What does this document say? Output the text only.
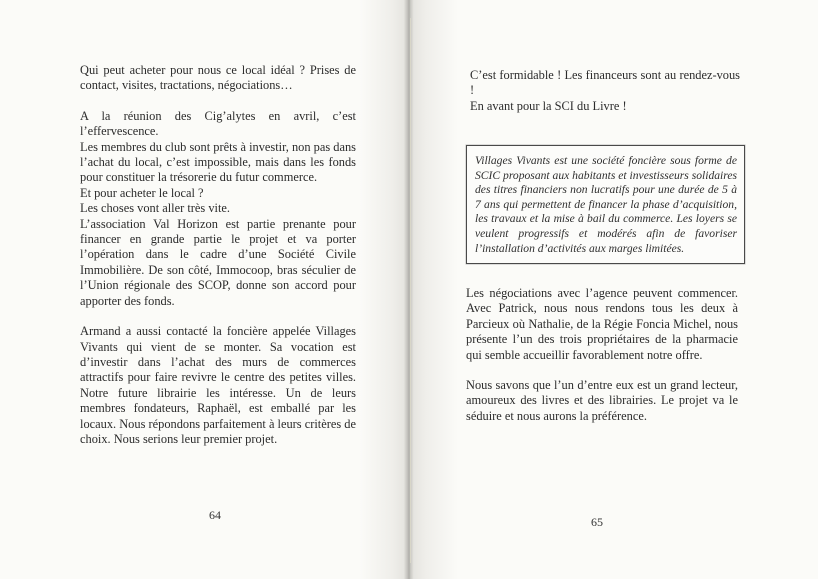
Qui peut acheter pour nous ce local idéal ? Prises de contact, visites, tractations, négociations…

A la réunion des Cig’alytes en avril, c’est l’effervescence.

Les membres du club sont prêts à investir, non pas dans l’achat du local, c’est impossible, mais dans les fonds pour constituer la trésorerie du futur commerce.

Et pour acheter le local ?

Les choses vont aller très vite.

L’association Val Horizon est partie prenante pour financer en grande partie le projet et va porter l’opération dans le cadre d’une Société Civile Immobilière. De son côté, Immocoop, bras séculier de l’Union régionale des SCOP, donne son accord pour apporter des fonds.

Armand a aussi contacté la foncière appelée Villages Vivants qui vient de se monter. Sa vocation est d’investir dans l’achat des murs de commerces attractifs pour faire revivre le centre des petites villes. Notre future librairie les intéresse. Un de leurs membres fondateurs, Raphaël, est emballé par les locaux. Nous répondons parfaitement à leurs critères de choix. Nous serions leur premier projet.

64

C’est formidable ! Les financeurs sont au rendez-vous !

En avant pour la SCI du Livre !

Villages Vivants est une société foncière sous forme de SCIC proposant aux habitants et investisseurs solidaires des titres financiers non lucratifs pour une durée de 5 à 7 ans qui permettent de financer la phase d’acquisition, les travaux et la mise à bail du commerce. Les loyers se veulent progressifs et modérés afin de favoriser l’installation d’activités aux marges limitées.

Les négociations avec l’agence peuvent commencer. Avec Patrick, nous nous rendons tous les deux à Parcieux où Nathalie, de la Régie Foncia Michel, nous présente l’un des trois propriétaires de la pharmacie qui semble accueillir favorablement notre offre.

Nous savons que l’un d’entre eux est un grand lecteur, amoureux des livres et des librairies. Le projet va le séduire et nous aurons la préférence.

65
